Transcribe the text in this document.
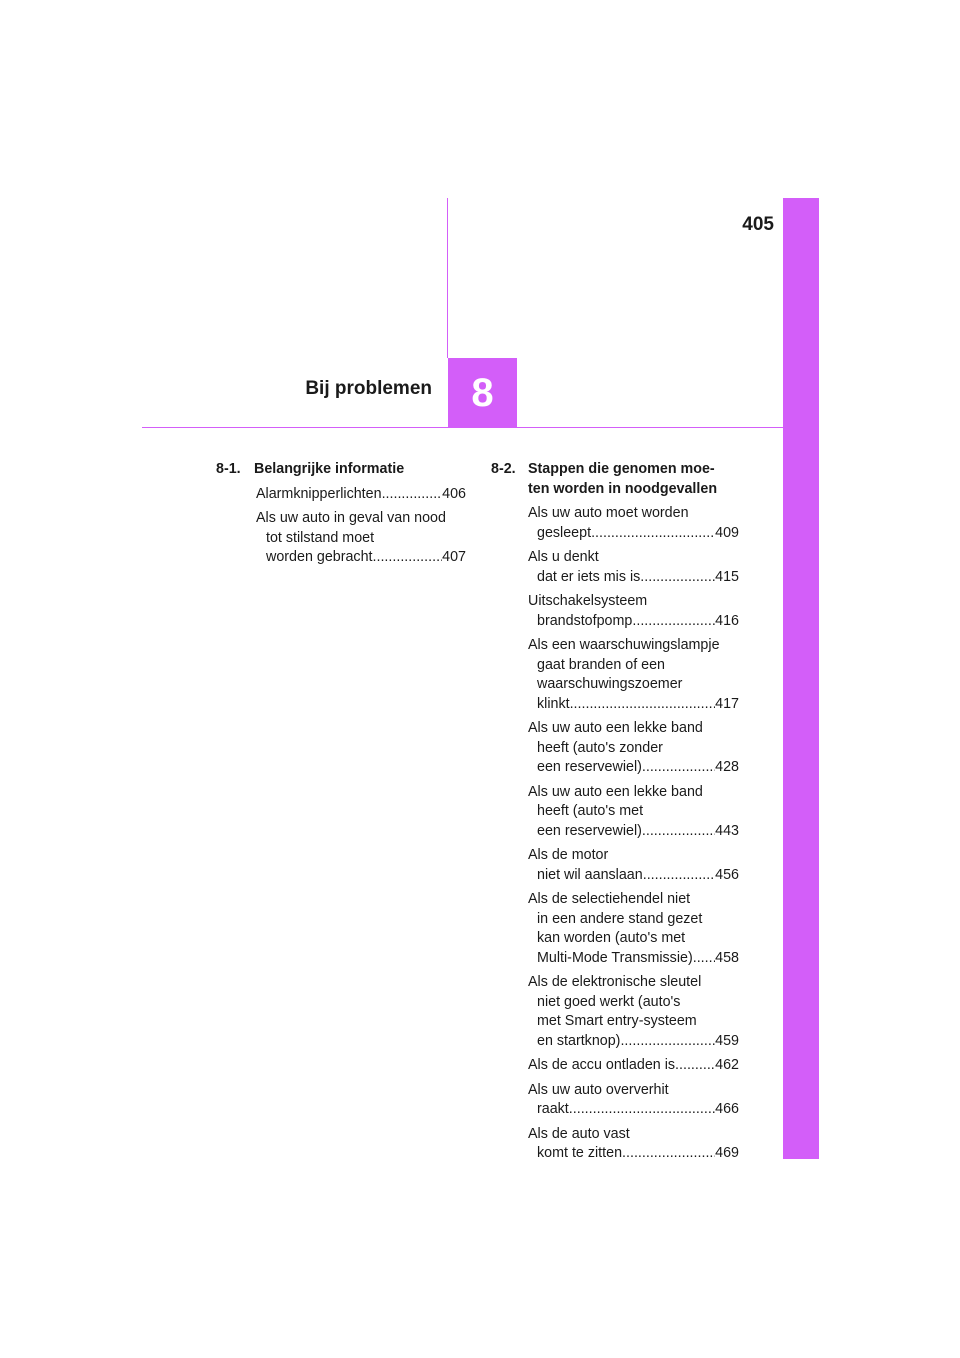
405
Bij problemen 8
8-1. Belangrijke informatie
Alarmknipperlichten .....	406
Als uw auto in geval van nood
tot stilstand moet
worden gebracht .....	407
8-2. Stappen die genomen moe-
ten worden in noodgevallen
Als uw auto moet worden
gesleept .....	409
Als u denkt
dat er iets mis is .....	415
Uitschakelsysteem
brandstofpomp .....	416
Als een waarschuwingslampje
gaat branden of een
waarschuwingszoemer
klinkt .....	417
Als uw auto een lekke band
heeft (auto's zonder
een reservewiel) .....	428
Als uw auto een lekke band
heeft (auto's met
een reservewiel) .....	443
Als de motor
niet wil aanslaan .....	456
Als de selectiehendel niet
in een andere stand gezet
kan worden (auto's met
Multi-Mode Transmissie) ..... 458
Als de elektronische sleutel
niet goed werkt (auto's
met Smart entry-systeem
en startknop) .....	459
Als de accu ontladen is .....	462
Als uw auto oververhit
raakt .....	466
Als de auto vast
komt te zitten .....	469
